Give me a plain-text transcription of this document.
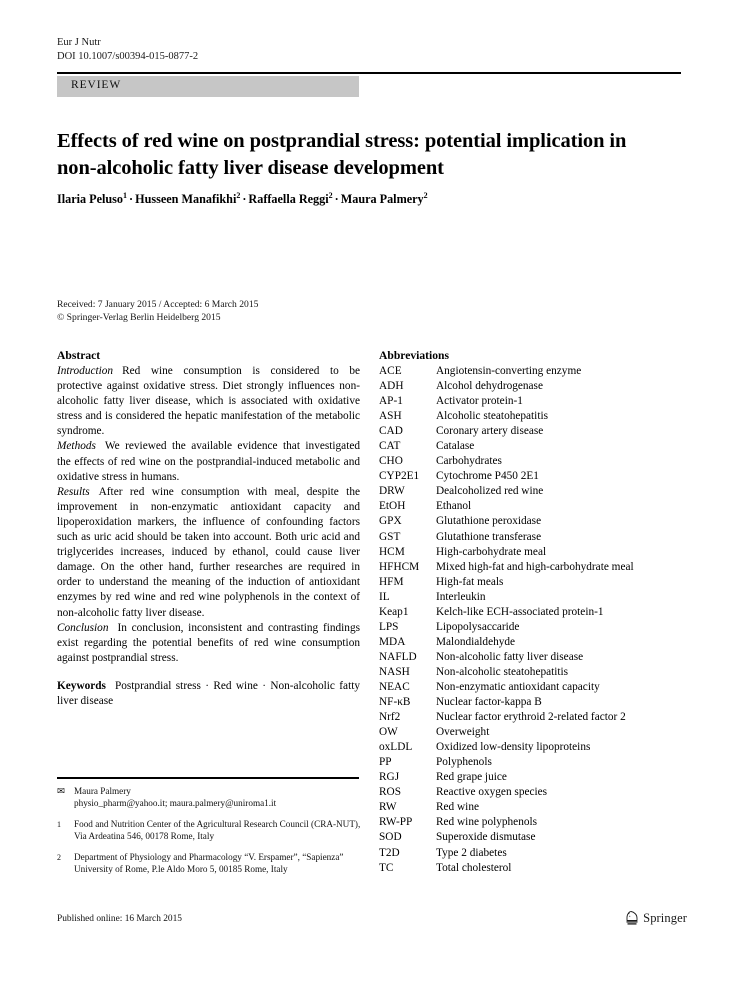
Eur J Nutr
DOI 10.1007/s00394-015-0877-2
REVIEW
Effects of red wine on postprandial stress: potential implication in non-alcoholic fatty liver disease development
Ilaria Peluso$^1$ · Husseen Manafikhi$^2$ · Raffaella Reggi$^2$ · Maura Palmery$^2$
Received: 7 January 2015 / Accepted: 6 March 2015
© Springer-Verlag Berlin Heidelberg 2015
Abstract

Introduction Red wine consumption is considered to be protective against oxidative stress. Diet strongly influences non-alcoholic fatty liver disease, which is associated with oxidative stress and is considered the hepatic manifestation of the metabolic syndrome.

Methods We reviewed the available evidence that investigated the effects of red wine on the postprandial-induced metabolic and oxidative stress in humans.

Results After red wine consumption with meal, despite the improvement in non-enzymatic antioxidant capacity and lipoperoxidation markers, the influence of confounding factors such as uric acid should be taken into account. Both uric acid and triglycerides increases, induced by ethanol, could cause liver damage. On the other hand, further researches are required in order to understand the meaning of the induction of antioxidant enzymes by red wine and red wine polyphenols in the context of non-alcoholic fatty liver disease.

Conclusion In conclusion, inconsistent and contrasting findings exist regarding the potential benefits of red wine consumption against postprandial stress.

Keywords Postprandial stress · Red wine · Non-alcoholic fatty liver disease
Abbreviations
ACE	Angiotensin-converting enzyme
ADH	Alcohol dehydrogenase
AP-1	Activator protein-1
ASH	Alcoholic steatohepatitis
CAD	Coronary artery disease
CAT	Catalase
CHO	Carbohydrates
CYP2E1	Cytochrome P450 2E1
DRW	Dealcoholized red wine
EtOH	Ethanol
GPX	Glutathione peroxidase
GST	Glutathione transferase
HCM	High-carbohydrate meal
HFHCM	Mixed high-fat and high-carbohydrate meal
HFM	High-fat meals
IL	Interleukin
Keap1	Kelch-like ECH-associated protein-1
LPS	Lipopolysaccaride
MDA	Malondialdehyde
NAFLD	Non-alcoholic fatty liver disease
NASH	Non-alcoholic steatohepatitis
NEAC	Non-enzymatic antioxidant capacity
NF-κB	Nuclear factor-kappa B
Nrf2	Nuclear factor erythroid 2-related factor 2
OW	Overweight
oxLDL	Oxidized low-density lipoproteins
PP	Polyphenols
RGJ	Red grape juice
ROS	Reactive oxygen species
RW	Red wine
RW-PP	Red wine polyphenols
SOD	Superoxide dismutase
T2D	Type 2 diabetes
TC	Total cholesterol
✉ Maura Palmery
physio_pharm@yahoo.it; maura.palmery@uniroma1.it
1	Food and Nutrition Center of the Agricultural Research Council (CRA-NUT), Via Ardeatina 546, 00178 Rome, Italy
2	Department of Physiology and Pharmacology “V. Erspamer”, “Sapienza” University of Rome, P.le Aldo Moro 5, 00185 Rome, Italy
Published online: 16 March 2015	Springer
